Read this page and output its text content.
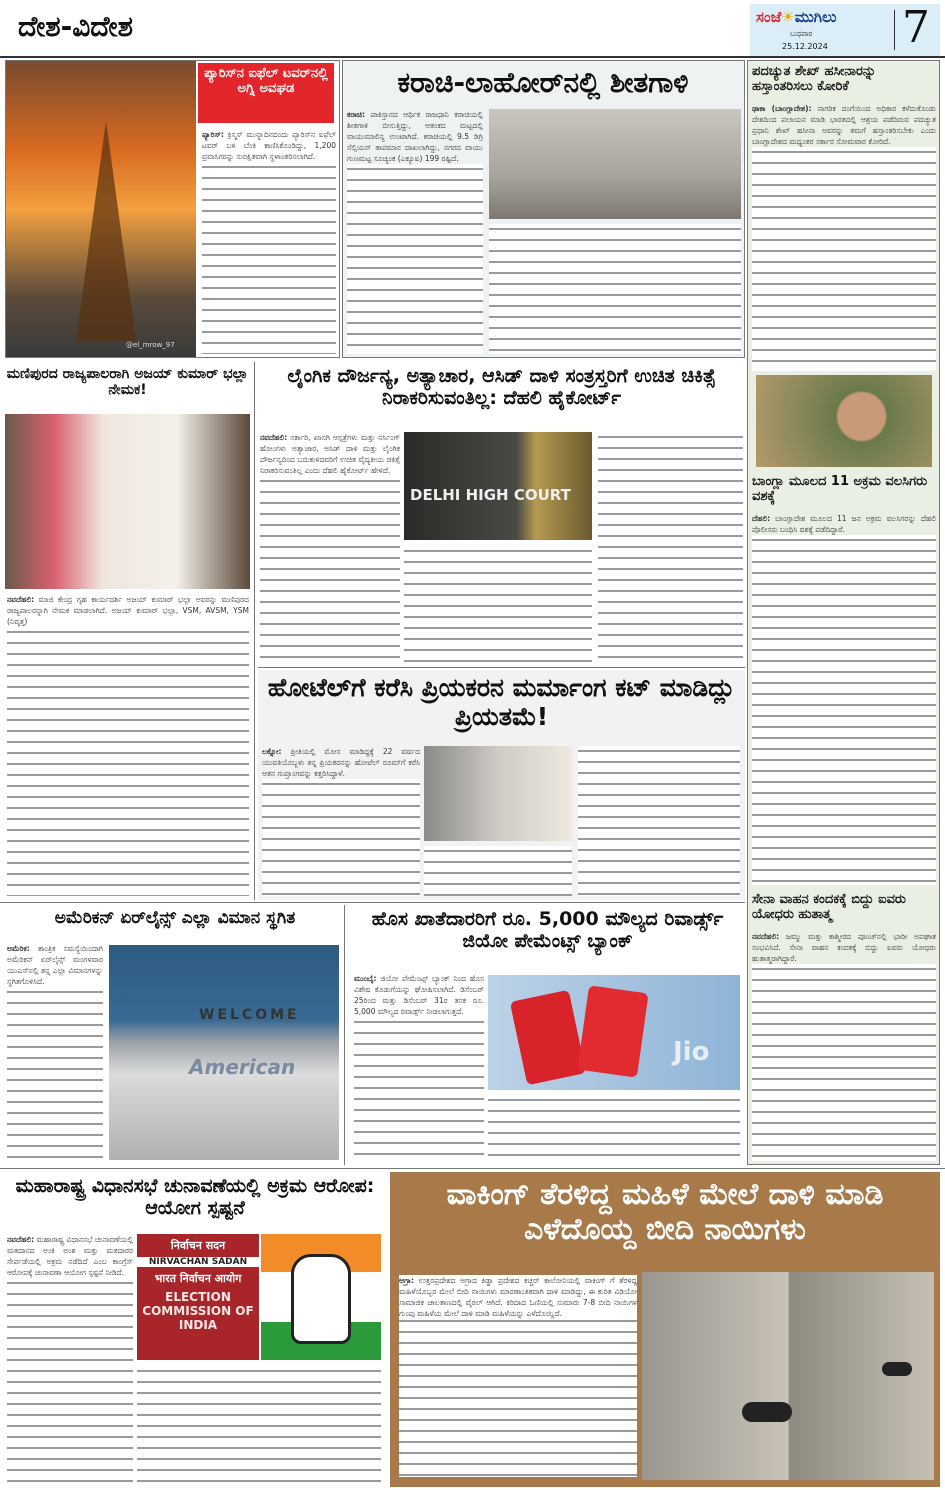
ದೇಶ-ವಿದೇಶ	ಸಂಜೆ☀ಮುಗಿಲು
ಬುಧವಾರ
25.12.2024 7
@el_mrow_97
ಪ್ಯಾರಿಸ್‌ನ ಐಫೆಲ್ ಟವರ್‌ನಲ್ಲಿ ಅಗ್ನಿ ಅವಘಡ

ಪ್ಯಾರಿಸ್: ಕ್ರಿಸ್ಮಸ್ ಮುನ್ನಾದಿನದಂದು ಪ್ಯಾರಿಸ್‌ನ ಐಫೆಲ್ ಟವರ್ ಬಳಿ ಬೆಂಕಿ ಕಾಣಿಸಿಕೊಂಡಿದ್ದು, 1,200 ಪ್ರವಾಸಿಗರನ್ನು ಸುರಕ್ಷಿತವಾಗಿ ಸ್ಥಳಾಂತರಿಸಲಾಗಿದೆ.

ಕರಾಚಿ-ಲಾಹೋರ್‌ನಲ್ಲಿ ಶೀತಗಾಳಿ

ಕರಾಚಿ: ಪಾಕಿಸ್ತಾನದ ಆರ್ಥಿಕ ರಾಜಧಾನಿ ಕರಾಚಿಯಲ್ಲಿ ಶೀತಗಾಳಿ ಬೀಸುತ್ತಿದ್ದು, ಆತಂಕದ ಮಟ್ಟದಲ್ಲಿ ವಾಯುಮಾಲಿನ್ಯ ಉಂಟಾಗಿದೆ. ಕರಾಚಿಯಲ್ಲಿ 9.5 ಡಿಗ್ರಿ ಸೆಲ್ಸಿಯಸ್ ತಾಪಮಾನ ದಾಖಲಾಗಿದ್ದು, ನಗರದ ವಾಯು ಗುಣಮಟ್ಟ ಸೂಚ್ಯಂಕ (ಎಕ್ಯೂಐ) 199 ರಷ್ಟಿದೆ.

ಪದಚ್ಯುತ ಶೇಖ್ ಹಸೀನಾರನ್ನು ಹಸ್ತಾಂತರಿಸಲು ಕೋರಿಕೆ

ಢಾಕಾ (ಬಾಂಗ್ಲಾದೇಶ): ನಾಗರಿಕ ದಂಗೆಯಿಂದ ಅಧಿಕಾರ ಕಳೆದುಕೊಂಡು ದೇಶದಿಂದ ಪಲಾಯನ ಮಾಡಿ ಭಾರತದಲ್ಲಿ ಆಶ್ರಯ ಪಡೆದಿರುವ ಪದಚ್ಯುತ ಪ್ರಧಾನಿ ಶೇಖ್ ಹಸೀನಾ ಅವರನ್ನು ತಮಗೆ ಹಸ್ತಾಂತರಿಸಬೇಕು ಎಂದು ಬಾಂಗ್ಲಾದೇಶದ ಮಧ್ಯಂತರ ಸರ್ಕಾರ ಸೋಮವಾರ ಕೋರಿದೆ.

ಬಾಂಗ್ಲಾ ಮೂಲದ 11 ಅಕ್ರಮ ವಲಸಿಗರು ವಶಕ್ಕೆ

ದೆಹಲಿ: ಬಾಂಗ್ಲಾದೇಶ ಮೂಲದ 11 ಜನ ಅಕ್ರಮ ವಲಸಿಗರನ್ನು ದೆಹಲಿ ಪೊಲೀಸರು ಬಂಧಿಸಿ ವಶಕ್ಕೆ ಪಡೆದಿದ್ದಾರೆ.

ಸೇನಾ ವಾಹನ ಕಂದಕಕ್ಕೆ ಬಿದ್ದು ಐವರು ಯೋಧರು ಹುತಾತ್ಮ

ನವದೆಹಲಿ: ಜಮ್ಮು ಮತ್ತು ಕಾಶ್ಮೀರದ ಪೂಂಚ್‌ನಲ್ಲಿ ಭಾರೀ ಅಪಘಾತ ಸಂಭವಿಸಿದೆ. ಸೇನಾ ವಾಹನ ಕಂದಕಕ್ಕೆ ಬಿದ್ದು ಐವರು ಯೋಧರು ಹುತಾತ್ಮರಾಗಿದ್ದಾರೆ.

ಮಣಿಪುರದ ರಾಜ್ಯಪಾಲರಾಗಿ ಅಜಯ್ ಕುಮಾರ್ ಭಲ್ಲಾ ನೇಮಕ!

ನವದೆಹಲಿ: ಮಾಜಿ ಕೇಂದ್ರ ಗೃಹ ಕಾರ್ಯದರ್ಶಿ ಅಜಯ್ ಕುಮಾರ್ ಭಲ್ಲಾ ಅವರನ್ನು ಮಣಿಪುರದ ರಾಜ್ಯಪಾಲರನ್ನಾಗಿ ನೇಮಕ ಮಾಡಲಾಗಿದೆ. ಅಜಯ್ ಕುಮಾರ್ ಭಲ್ಲಾ, VSM, AVSM, YSM (ನಿವೃತ್ತ)

ಲೈಂಗಿಕ ದೌರ್ಜನ್ಯ, ಅತ್ಯಾಚಾರ, ಆಸಿಡ್ ದಾಳಿ ಸಂತ್ರಸ್ತರಿಗೆ ಉಚಿತ ಚಿಕಿತ್ಸೆ ನಿರಾಕರಿಸುವಂತಿಲ್ಲ: ದೆಹಲಿ ಹೈಕೋರ್ಟ್

ನವದೆಹಲಿ: ಸರ್ಕಾರಿ, ಖಾಸಗಿ ಆಸ್ಪತ್ರೆಗಳು ಮತ್ತು ನರ್ಸಿಂಗ್ ಹೋಂಗಳು ಅತ್ಯಾಚಾರ, ಆಸಿಡ್ ದಾಳಿ ಮತ್ತು ಲೈಂಗಿಕ ದೌರ್ಜನ್ಯದಿಂದ ಬದುಕುಳಿದವರಿಗೆ ಉಚಿತ ವೈದ್ಯಕೀಯ ಚಿಕಿತ್ಸೆ ನಿರಾಕರಿಸುವಂತಿಲ್ಲ ಎಂದು ದೆಹಲಿ ಹೈಕೋರ್ಟ್ ಹೇಳಿದೆ.

DELHI HIGH COURT
ಹೋಟೆಲ್‌ಗೆ ಕರೆಸಿ ಪ್ರಿಯಕರನ ಮರ್ಮಾಂಗ ಕಟ್ ಮಾಡಿದ್ಲು ಪ್ರಿಯತಮೆ!

ಲಕ್ನೋ: ಪ್ರೀತಿಯಲ್ಲಿ ಮೋಸ ಮಾಡಿದ್ದಕ್ಕೆ 22 ವರ್ಷದ ಯುವತಿಯೊಬ್ಬಳು ತನ್ನ ಪ್ರಿಯಕರನನ್ನು ಹೋಟೆಲ್ ರೂಮ್‌ಗೆ ಕರೆಸಿ ಆತನ ಗುಪ್ತಾಂಗವನ್ನು ಕತ್ತರಿಸಿದ್ದಾಳೆ.

ಅಮೆರಿಕನ್ ಏರ್‌ಲೈನ್ಸ್ ಎಲ್ಲಾ ವಿಮಾನ ಸ್ಥಗಿತ

ಅಮೆರಿಕ: ತಾಂತ್ರಿಕ ಸಮಸ್ಯೆಯಿಂದಾಗಿ ಅಮೆರಿಕನ್ ಏರ್‌ಲೈನ್ಸ್ ಮಂಗಳವಾರ ಯುಎಸ್‌ನಲ್ಲಿ ತನ್ನ ಎಲ್ಲಾ ವಿಮಾನಗಳನ್ನು ಸ್ಥಗಿತಗೊಳಿಸಿದೆ.

WELCOME
American
ಹೊಸ ಖಾತೆದಾರರಿಗೆ ರೂ. 5,000 ಮೌಲ್ಯದ ರಿವಾರ್ಡ್ಸ್ ಜಿಯೋ ಪೇಮೆಂಟ್ಸ್ ಬ್ಯಾಂಕ್

ಮುಂಬೈ: ಜಿಯೋ ಪೇಮೆಂಟ್ಸ್ ಬ್ಯಾಂಕ್ ನಿಂದ ಹೊಸ ವಿಶೇಷ ಕೊಡುಗೆಯನ್ನು ಘೋಷಿಸಲಾಗಿದೆ. ಡಿಸೆಂಬರ್ 25ರಿಂದ ಮತ್ತು ಡಿಸೆಂಬರ್ 31ರ ತನಕ ರೂ. 5,000 ಮೌಲ್ಯದ ರಿವಾರ್ಡ್ಸ್ ನೀಡಲಾಗುತ್ತದೆ.

Jio
ಮಹಾರಾಷ್ಟ್ರ ವಿಧಾನಸಭೆ ಚುನಾವಣೆಯಲ್ಲಿ ಅಕ್ರಮ ಆರೋಪ: ಆಯೋಗ ಸ್ಪಷ್ಟನೆ

ನವದೆಹಲಿ: ಮಹಾರಾಷ್ಟ್ರ ವಿಧಾನಸಭೆ ಚುನಾವಣೆಯಲ್ಲಿ ಮತದಾನದ ಅಂಕಿ ಅಂಶ ಮತ್ತು ಮತದಾರರ ಸೇರ್ಪಡೆಯಲ್ಲಿ ಅಕ್ರಮ ನಡೆದಿದೆ ಎಂಬ ಕಾಂಗ್ರೆಸ್ ಆರೋಪಕ್ಕೆ ಚುನಾವಣಾ ಆಯೋಗ ಸ್ಪಷ್ಟನೆ ನೀಡಿದೆ.

निर्वाचन सदन
NIRVACHAN SADAN
भारत निर्वाचन आयोग
ELECTION COMMISSION OF INDIA
ವಾಕಿಂಗ್ ತೆರಳಿದ್ದ ಮಹಿಳೆ ಮೇಲೆ ದಾಳಿ ಮಾಡಿ ಎಳೆದೊಯ್ದ ಬೀದಿ ನಾಯಿಗಳು

ಆಗ್ರಾ: ಉತ್ತರಪ್ರದೇಶದ ಆಗ್ರಾದ ಕಿಡ್ಡಾ ಪ್ರದೇಶದ ಕಚ್ಚರ್ ಕಾಲೋನಿಯಲ್ಲಿ ವಾಕಿಂಗ್ ಗೆ ತೆರಳಿದ್ದ ಮಹಿಳೆಯೊಬ್ಬರ ಮೇಲೆ ಬೀದಿ ನಾಯಿಗಳು ಮಾರಣಾಂತಿಕವಾಗಿ ದಾಳಿ ಮಾಡಿದ್ದು, ಈ ಕುರಿತ ವಿಡಿಯೋ ಸಾಮಾಜಿಕ ಜಾಲತಾಣದಲ್ಲಿ ವೈರಲ್ ಆಗಿದೆ. ಕಿರಿದಾದ ಓಣಿಯಲ್ಲಿ ಸುಮಾರು 7-8 ಬೀದಿ ನಾಯಿಗಳ ಗುಂಪು ಮಹಿಳೆಯ ಮೇಲೆ ದಾಳಿ ಮಾಡಿ ಮಹಿಳೆಯನ್ನು ಎಳೆದೊಯ್ದಿದೆ.
